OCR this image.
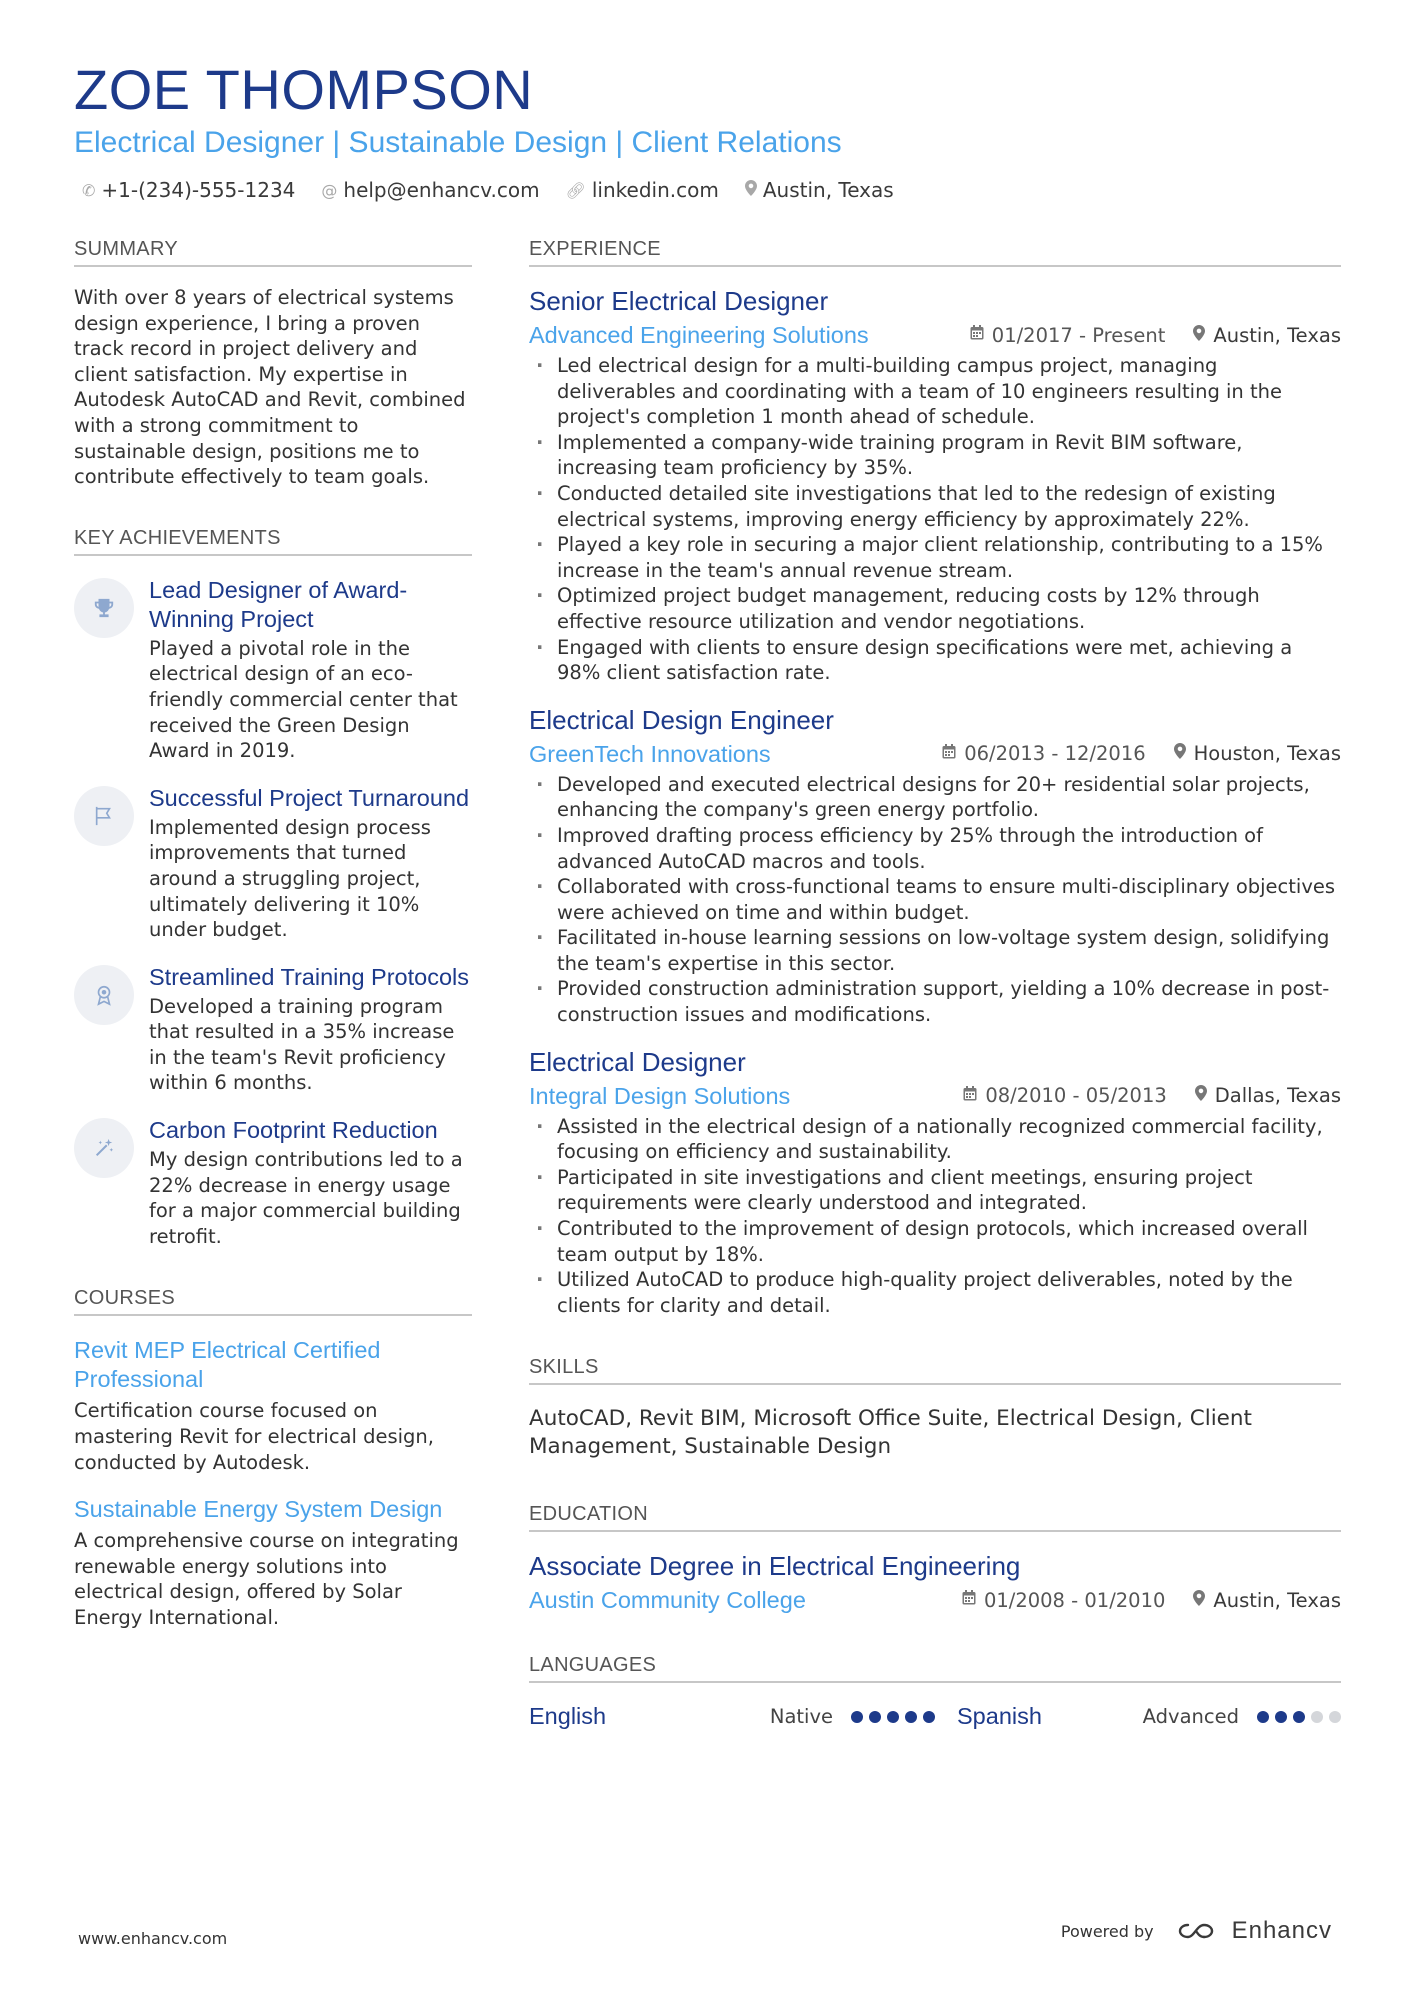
ZOE THOMPSON
Electrical Designer | Sustainable Design | Client Relations
✆ +1-(234)-555-1234 @ help@enhancv.com 🔗︎ linkedin.com Austin, Texas
SUMMARY
With over 8 years of electrical systems design experience, I bring a proven track record in project delivery and client satisfaction. My expertise in Autodesk AutoCAD and Revit, combined with a strong commitment to sustainable design, positions me to contribute effectively to team goals.
KEY ACHIEVEMENTS
Lead Designer of Award-Winning Project
Played a pivotal role in the electrical design of an eco-friendly commercial center that received the Green Design Award in 2019.
Successful Project Turnaround
Implemented design process improvements that turned around a struggling project, ultimately delivering it 10% under budget.
Streamlined Training Protocols
Developed a training program that resulted in a 35% increase in the team's Revit proficiency within 6 months.
Carbon Footprint Reduction
My design contributions led to a 22% decrease in energy usage for a major commercial building retrofit.
COURSES
Revit MEP Electrical Certified Professional
Certification course focused on mastering Revit for electrical design, conducted by Autodesk.
Sustainable Energy System Design
A comprehensive course on integrating renewable energy solutions into electrical design, offered by Solar Energy International.
EXPERIENCE
Senior Electrical Designer
Advanced Engineering Solutions	01/2017 - Present Austin, Texas
· Led electrical design for a multi-building campus project, managing deliverables and coordinating with a team of 10 engineers resulting in the project's completion 1 month ahead of schedule.
· Implemented a company-wide training program in Revit BIM software, increasing team proficiency by 35%.
· Conducted detailed site investigations that led to the redesign of existing electrical systems, improving energy efficiency by approximately 22%.
· Played a key role in securing a major client relationship, contributing to a 15% increase in the team's annual revenue stream.
· Optimized project budget management, reducing costs by 12% through effective resource utilization and vendor negotiations.
· Engaged with clients to ensure design specifications were met, achieving a 98% client satisfaction rate.
Electrical Design Engineer
GreenTech Innovations	06/2013 - 12/2016 Houston, Texas
· Developed and executed electrical designs for 20+ residential solar projects, enhancing the company's green energy portfolio.
· Improved drafting process efficiency by 25% through the introduction of advanced AutoCAD macros and tools.
· Collaborated with cross-functional teams to ensure multi-disciplinary objectives were achieved on time and within budget.
· Facilitated in-house learning sessions on low-voltage system design, solidifying the team's expertise in this sector.
· Provided construction administration support, yielding a 10% decrease in post-construction issues and modifications.
Electrical Designer
Integral Design Solutions	08/2010 - 05/2013 Dallas, Texas
· Assisted in the electrical design of a nationally recognized commercial facility, focusing on efficiency and sustainability.
· Participated in site investigations and client meetings, ensuring project requirements were clearly understood and integrated.
· Contributed to the improvement of design protocols, which increased overall team output by 18%.
· Utilized AutoCAD to produce high-quality project deliverables, noted by the clients for clarity and detail.
SKILLS
AutoCAD, Revit BIM, Microsoft Office Suite, Electrical Design, Client Management, Sustainable Design
EDUCATION
Associate Degree in Electrical Engineering
Austin Community College	01/2008 - 01/2010 Austin, Texas
LANGUAGES
English	Native	Spanish	Advanced
www.enhancv.com	Powered by	Enhancv
